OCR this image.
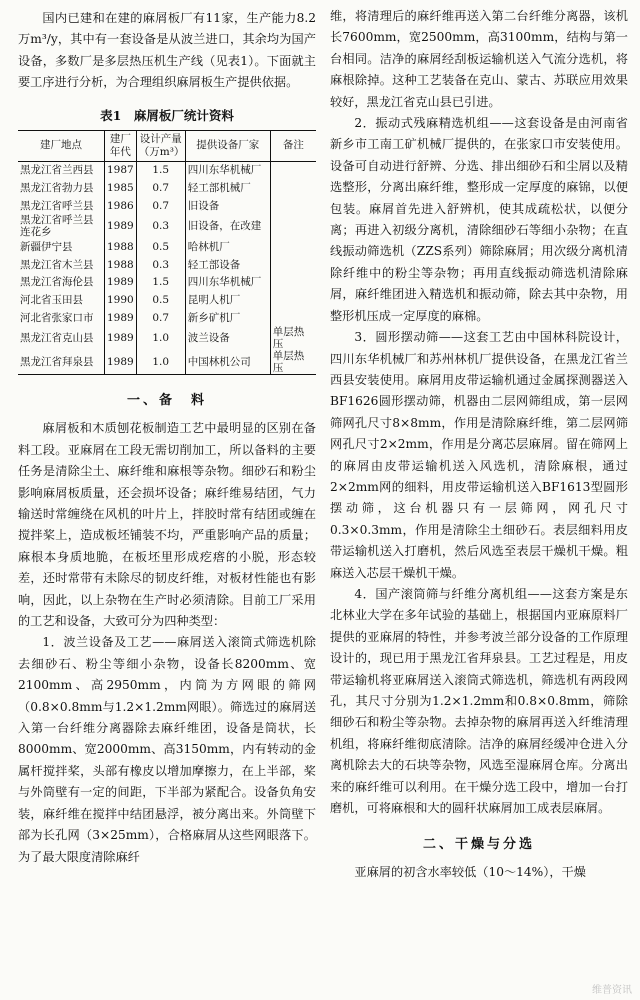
国内已建和在建的麻屑板厂有11家，生产能力8.2万m³/y，其中有一套设备是从波兰进口，其余均为国产设备，多数厂是多层热压机生产线（见表1）。下面就主要工序进行分析，为合理组织麻屑板生产提供依据。

表1　麻屑板厂统计资料
建厂地点	建厂年代	设计产量（万m³）	提供设备厂家	备注
黑龙江省兰西县	1987	1.5	四川东华机械厂	
黑龙江省勃力县	1985	0.7	轻工部机械厂	
黑龙江省呼兰县	1986	0.7	旧设备	
黑龙江省呼兰县连花乡	1989	0.3	旧设备，在改建	
新疆伊宁县	1988	0.5	哈林机厂	
黑龙江省木兰县	1988	0.3	轻工部设备	
黑龙江省海伦县	1989	1.5	四川东华机械厂	
河北省玉田县	1990	0.5	昆明人机厂	
河北省张家口市	1989	0.7	新乡矿机厂	
黑龙江省克山县	1989	1.0	波兰设备	单层热压
黑龙江省拜泉县	1989	1.0	中国林机公司	单层热压
一、备　料

麻屑板和木质刨花板制造工艺中最明显的区别在备料工段。亚麻屑在工段无需切削加工，所以备料的主要任务是清除尘土、麻纤维和麻根等杂物。细砂石和粉尘影响麻屑板质量，还会损坏设备；麻纤维易结团，气力输送时常缠绕在风机的叶片上，拌胶时常有结团或缠在搅拌桨上，造成板坯铺装不均，严重影响产品的质量；麻根本身质地脆，在板坯里形成疙瘩的小脱，形态较差，还时常带有未除尽的韧皮纤维，对板材性能也有影响，因此，以上杂物在生产时必须清除。目前工厂采用的工艺和设备，大致可分为四种类型：

1．波兰设备及工艺——麻屑送入滚筒式筛选机除去细砂石、粉尘等细小杂物，设备长8200mm、宽2100mm、高2950mm，内筒为方网眼的筛网（0.8×0.8mm与1.2×1.2mm网眼）。筛选过的麻屑送入第一台纤维分离器除去麻纤维团，设备是筒状，长8000mm、宽2000mm、高3150mm，内有转动的金属杆搅拌桨，头部有橡皮以增加摩擦力，在上半部，桨与外筒壁有一定的间距，下半部为紧配合。设备负角安装，麻纤维在搅拌中结团悬浮，被分离出来。外筒壁下部为长孔网（3×25mm），合格麻屑从这些网眼落下。为了最大限度清除麻纤

维，将清理后的麻纤维再送入第二台纤维分离器，该机长7600mm，宽2500mm，高3100mm，结构与第一台相同。洁净的麻屑经刮板运输机送入气流分选机，将麻根除掉。这种工艺装备在克山、蒙古、苏联应用效果较好，黑龙江省克山县已引进。

2．振动式残麻精选机组——这套设备是由河南省新乡市工南工矿机械厂提供的，在张家口市安装使用。设备可自动进行舒辨、分选、排出细砂石和尘屑以及精选整形，分离出麻纤维，整形成一定厚度的麻锦，以便包装。麻屑首先进入舒辨机，使其成疏松状，以便分离；再进入初级分离机，清除细砂石等细小杂物；在直线振动筛选机（ZZS系列）筛除麻屑；用次级分离机清除纤维中的粉尘等杂物；再用直线振动筛选机清除麻屑，麻纤维团进入精选机和振动筛，除去其中杂物，用整形机压成一定厚度的麻棉。

3．圆形摆动筛——这套工艺由中国林科院设计，四川东华机械厂和苏州林机厂提供设备，在黑龙江省兰西县安装使用。麻屑用皮带运输机通过金属探测器送入BF1626圆形摆动筛，机器由二层网筛组成，第一层网筛网孔尺寸8×8mm，作用是清除麻纤维，第二层网筛网孔尺寸2×2mm，作用是分离芯层麻屑。留在筛网上的麻屑由皮带运输机送入风选机，清除麻根，通过2×2mm网的细料，用皮带运输机送入BF1613型圆形摆动筛，这台机器只有一层筛网，网孔尺寸0.3×0.3mm，作用是清除尘土细砂石。表层细料用皮带运输机送入打磨机，然后风选至表层干燥机干燥。粗麻送入芯层干燥机干燥。

4．国产滚筒筛与纤维分离机组——这套方案是东北林业大学在多年试验的基础上，根据国内亚麻原料厂提供的亚麻屑的特性，并参考波兰部分设备的工作原理设计的，现已用于黑龙江省拜泉县。工艺过程是，用皮带运输机将亚麻屑送入滚筒式筛选机，筛选机有两段网孔，其尺寸分别为1.2×1.2mm和0.8×0.8mm，筛除细砂石和粉尘等杂物。去掉杂物的麻屑再送入纤维清理机组，将麻纤维彻底清除。洁净的麻屑经缓冲仓进入分离机除去大的石块等杂物，风选至湿麻屑仓库。分离出来的麻纤维可以利用。在干燥分选工段中，增加一台打磨机，可将麻根和大的圆秆状麻屑加工成表层麻屑。

二、干燥与分选

亚麻屑的初含水率较低（10～14%），干燥

维普资讯
